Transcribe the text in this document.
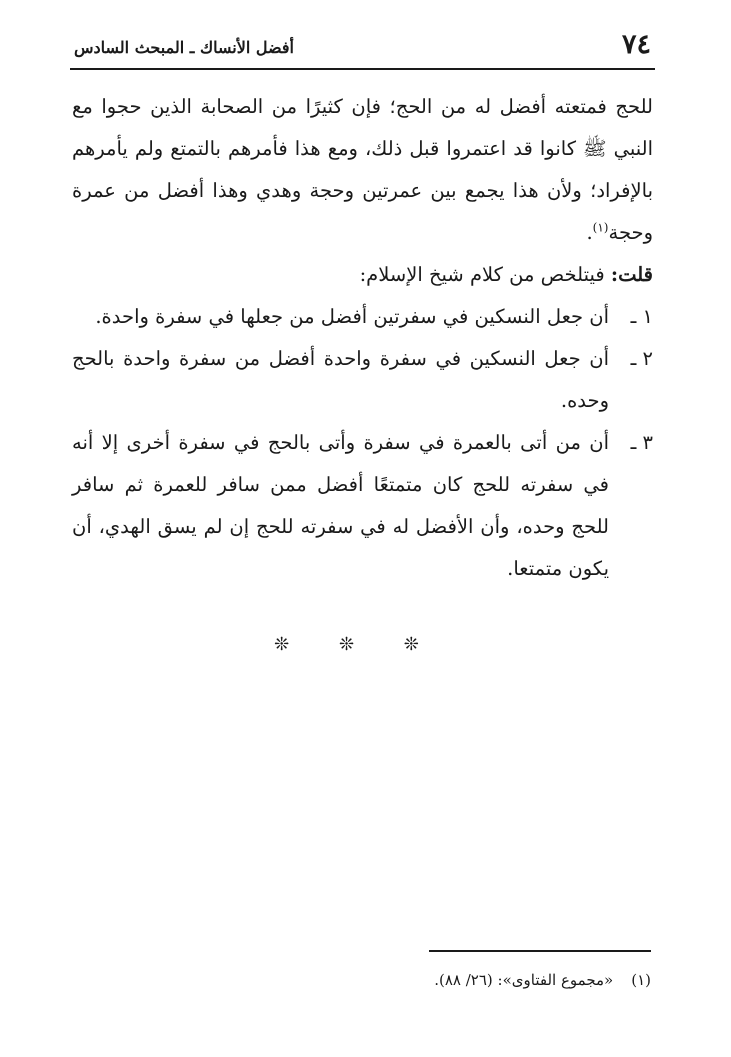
٧٤
أفضل الأنساك ـ المبحث السادس

للحج فمتعته أفضل له من الحج؛ فإن كثيرًا من الصحابة الذين حجوا مع النبي ﷺ كانوا قد اعتمروا قبل ذلك، ومع هذا فأمرهم بالتمتع ولم يأمرهم بالإفراد؛ ولأن هذا يجمع بين عمرتين وحجة وهدي وهذا أفضل من عمرة وحجة$^{(١)}$.

قلت: فيتلخص من كلام شيخ الإسلام:

١ ـ
أن جعل النسكين في سفرتين أفضل من جعلها في سفرة واحدة.
٢ ـ
أن جعل النسكين في سفرة واحدة أفضل من سفرة واحدة بالحج وحده.
٣ ـ
أن من أتى بالعمرة في سفرة وأتى بالحج في سفرة أخرى إلا أنه في سفرته للحج كان متمتعًا أفضل ممن سافر للعمرة ثم سافر للحج وحده، وأن الأفضل له في سفرته للحج إن لم يسق الهدي، أن يكون متمتعا.
❊ ❊ ❊
(١)«مجموع الفتاوى»: (٢٦/ ٨٨).
